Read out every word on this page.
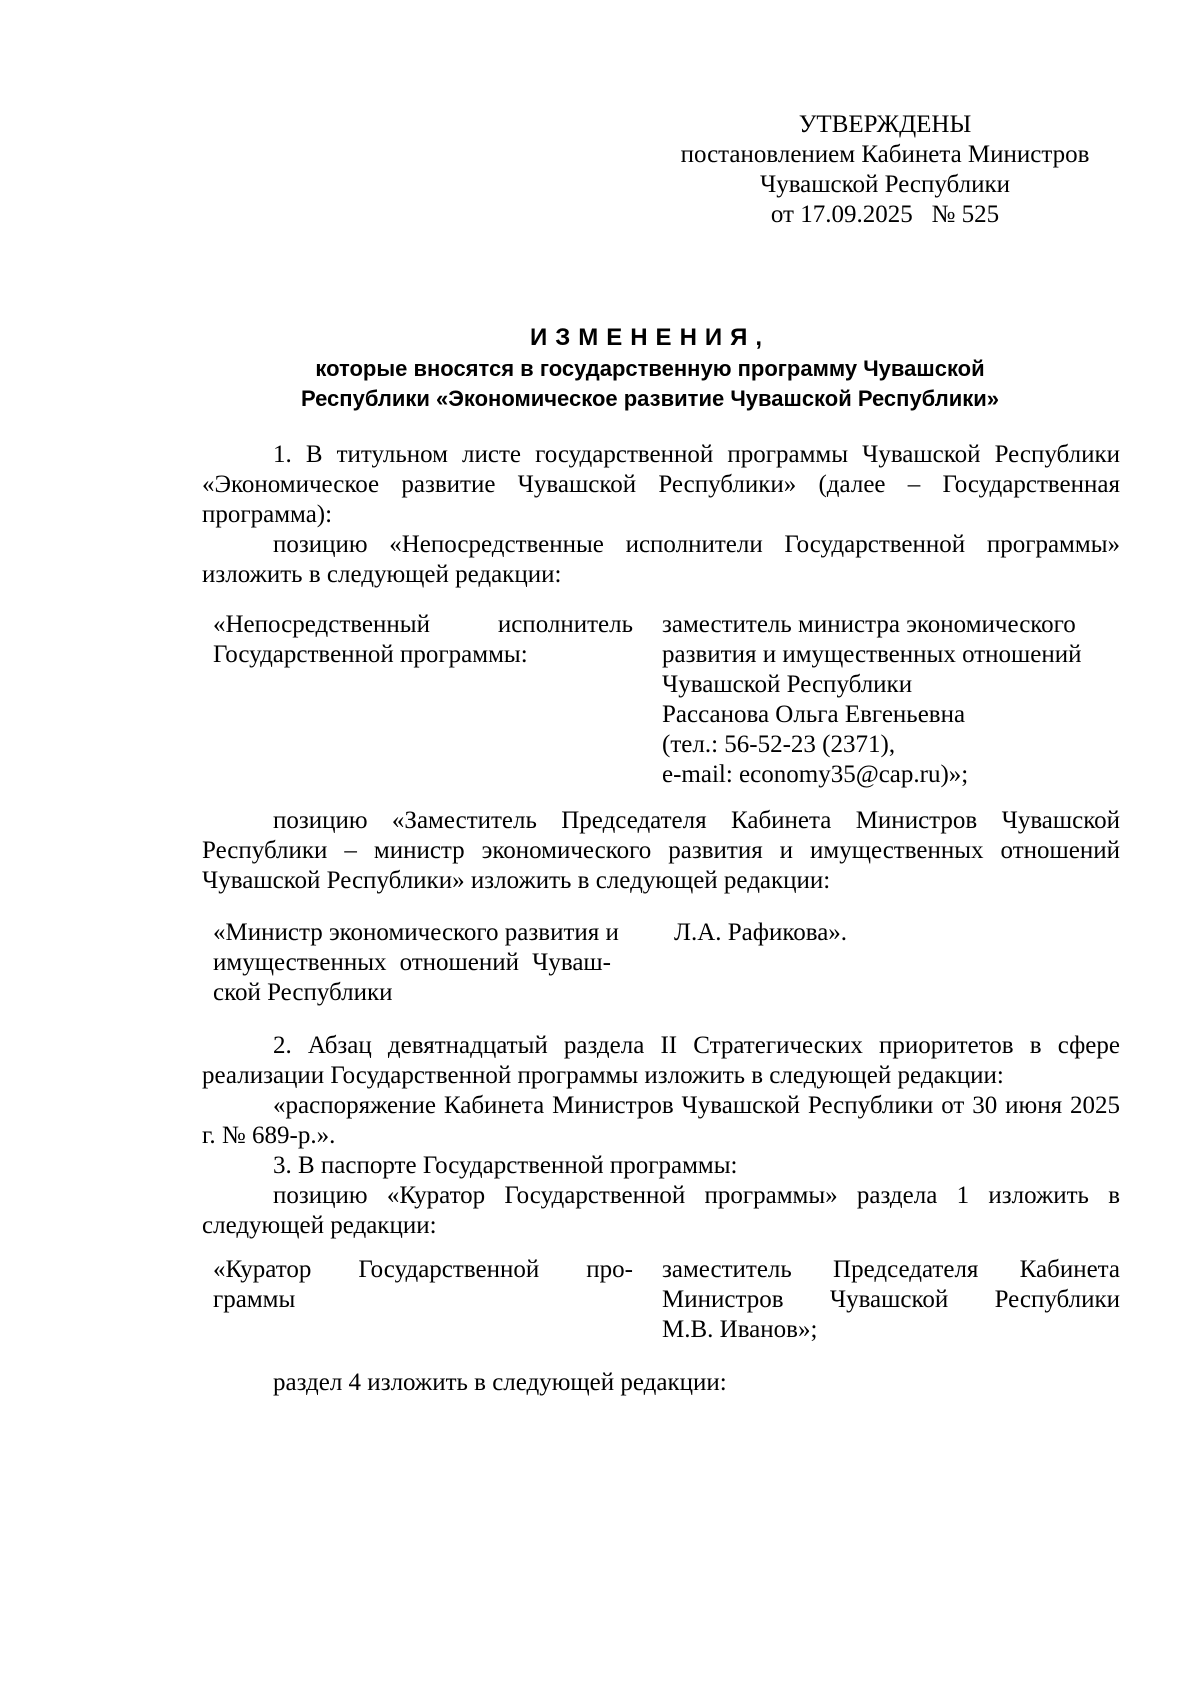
УТВЕРЖДЕНЫ
постановлением Кабинета Министров
Чувашской Республики
от 17.09.2025   № 525
ИЗМЕНЕНИЯ,
которые вносятся в государственную программу Чувашской
Республики «Экономическое развитие Чувашской Республики»

1. В титульном листе государственной программы Чувашской Республики «Экономическое развитие Чувашской Республики» (далее – Государственная программа):

позицию «Непосредственные исполнители Государственной программы» изложить в следующей редакции:

«Непосредственный исполнитель
Государственной программы:
заместитель министра экономического
развития и имущественных отношений
Чувашской Республики
Рассанова Ольга Евгеньевна
(тел.: 56-52-23 (2371),
e-mail: economy35@cap.ru)»;

позицию «Заместитель Председателя Кабинета Министров Чувашской Республики – министр экономического развития и имущественных отношений Чувашской Республики» изложить в следующей редакции:

«Министр экономического развития и
имущественных отношений Чуваш-
ской Республики
Л.А. Рафикова».

2. Абзац девятнадцатый раздела II Стратегических приоритетов в сфере реализации Государственной программы изложить в следующей редакции:

«распоряжение Кабинета Министров Чувашской Республики от 30 июня 2025 г. № 689-р.».

3. В паспорте Государственной программы:

позицию «Куратор Государственной программы» раздела 1 изложить в следующей редакции:

«Куратор Государственной про-
граммы
заместитель Председателя Кабинета
Министров Чувашской Республики
М.В. Иванов»;

раздел 4 изложить в следующей редакции:
